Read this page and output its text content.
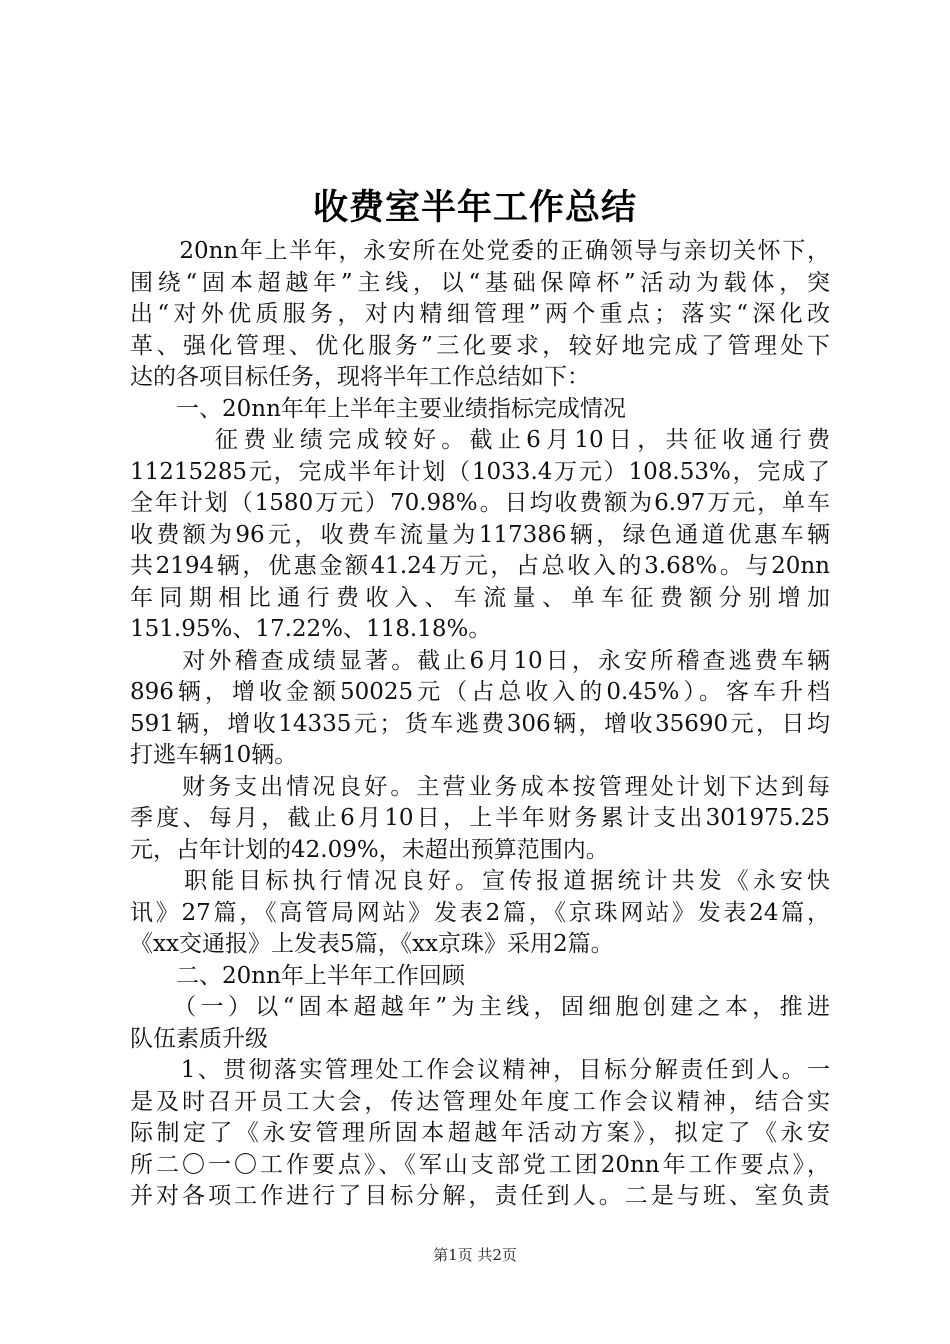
收费室半年工作总结
　　20nn年上半年，永安所在处党委的正确领导与亲切关怀下，
围绕“固本超越年”主线，以“基础保障杯”活动为载体，突
出“对外优质服务，对内精细管理”两个重点；落实“深化改
革、强化管理、优化服务”三化要求，较好地完成了管理处下
达的各项目标任务，现将半年工作总结如下：
　　一、20nn年年上半年主要业绩指标完成情况
　　　征费业绩完成较好。截止6月10日，共征收通行费
11215285元，完成半年计划（1033.4万元）108.53%，完成了
全年计划（1580万元）70.98%。日均收费额为6.97万元，单车
收费额为96元，收费车流量为117386辆，绿色通道优惠车辆
共2194辆，优惠金额41.24万元，占总收入的3.68%。与20nn
年同期相比通行费收入、车流量、单车征费额分别增加
151.95%、17.22%、118.18%。
　　对外稽查成绩显著。截止6月10日，永安所稽查逃费车辆
896辆，增收金额50025元（占总收入的0.45%）。客车升档
591辆，增收14335元；货车逃费306辆，增收35690元，日均
打逃车辆10辆。
　　财务支出情况良好。主营业务成本按管理处计划下达到每
季度、每月，截止6月10日，上半年财务累计支出301975.25
元，占年计划的42.09%，未超出预算范围内。
　　职能目标执行情况良好。宣传报道据统计共发《永安快
讯》27篇，《高管局网站》发表2篇，《京珠网站》发表24篇，
《xx交通报》上发表5篇，《xx京珠》采用2篇。
　　二、20nn年上半年工作回顾
　　（一）以“固本超越年”为主线，固细胞创建之本，推进
队伍素质升级
　　1、贯彻落实管理处工作会议精神，目标分解责任到人。一
是及时召开员工大会，传达管理处年度工作会议精神，结合实
际制定了《永安管理所固本超越年活动方案》，拟定了《永安
所二〇一〇工作要点》、《军山支部党工团20nn年工作要点》，
并对各项工作进行了目标分解，责任到人。二是与班、室负责
第1页 共2页
